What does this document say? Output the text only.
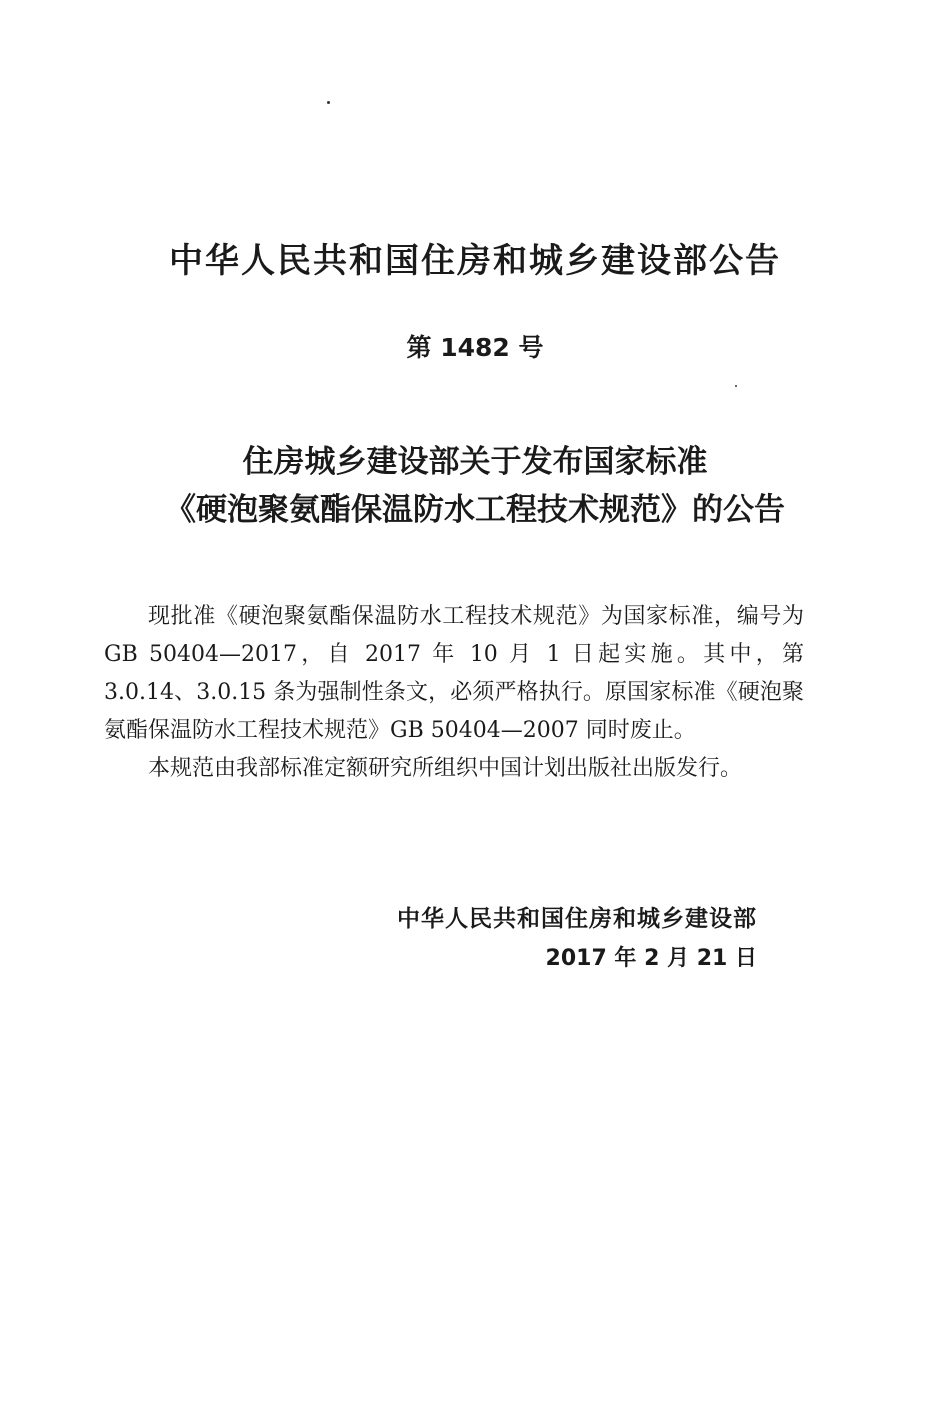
中华人民共和国住房和城乡建设部公告
第 1482 号
住房城乡建设部关于发布国家标准
《硬泡聚氨酯保温防水工程技术规范》的公告

现批准《硬泡聚氨酯保温防水工程技术规范》为国家标准，编号为 GB 50404—2017，自 2017 年 10 月 1 日起实施。其中，第 3.0.14、3.0.15 条为强制性条文，必须严格执行。原国家标准《硬泡聚氨酯保温防水工程技术规范》GB 50404—2007 同时废止。

本规范由我部标准定额研究所组织中国计划出版社出版发行。

中华人民共和国住房和城乡建设部
2017 年 2 月 21 日
